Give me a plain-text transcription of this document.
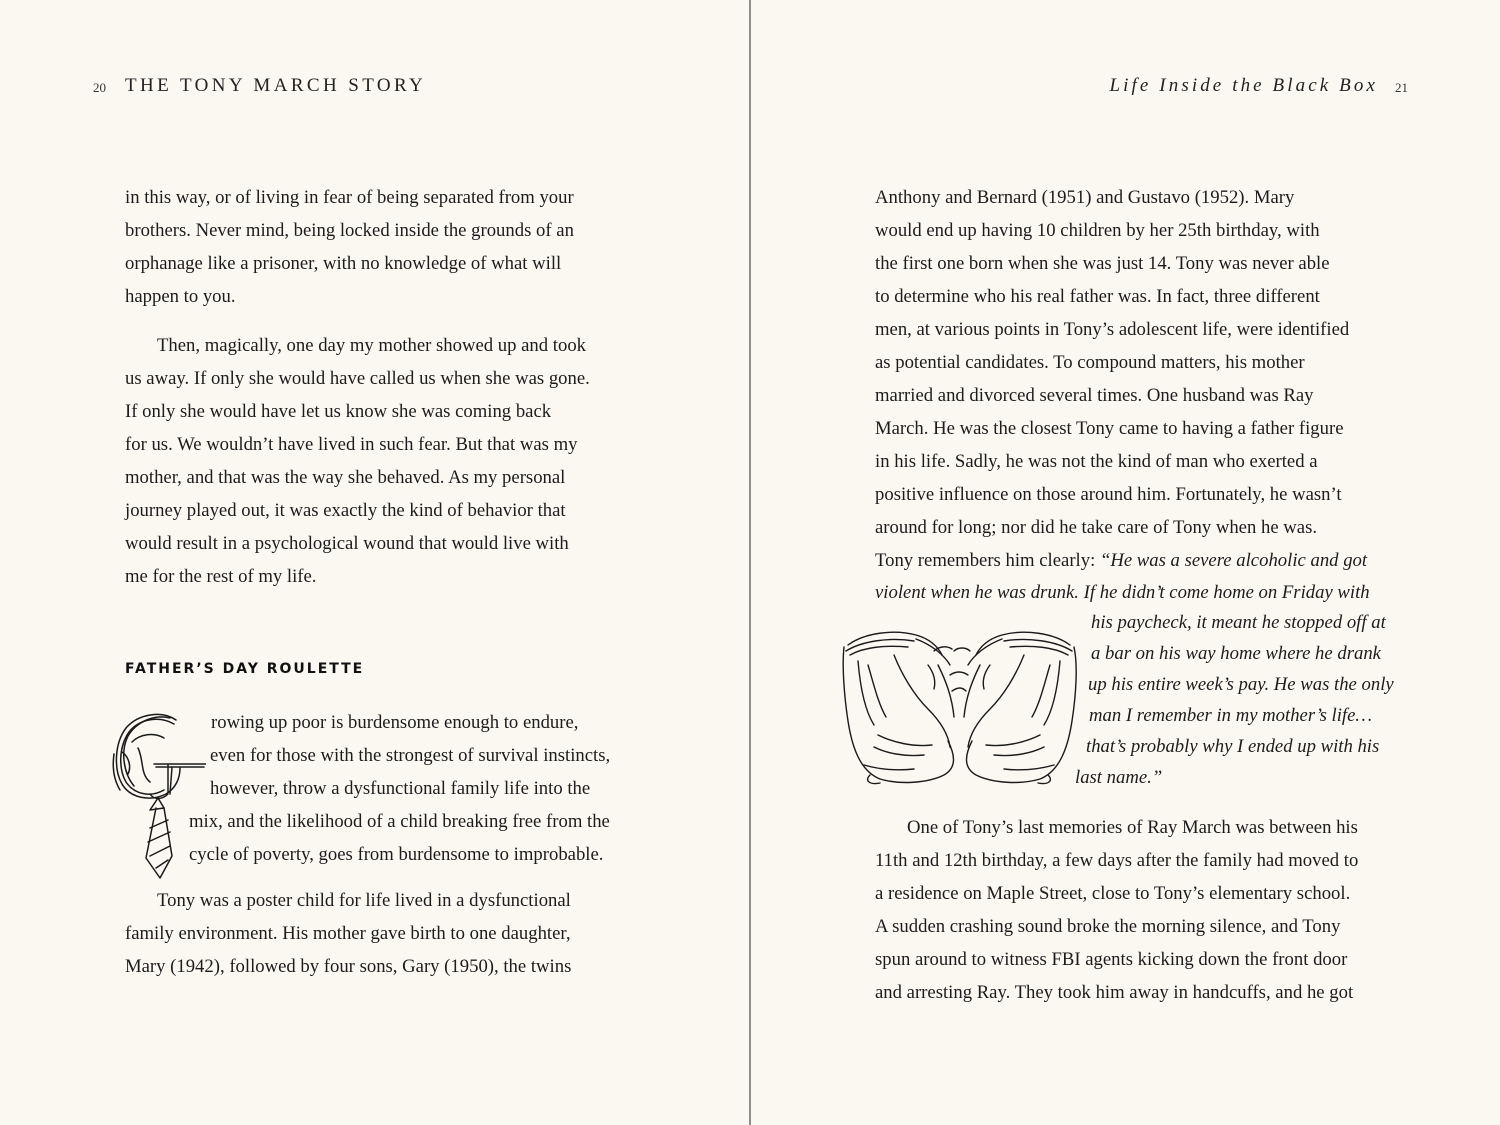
20 THE TONY MARCH STORY

in this way, or of living in fear of being separated from your
brothers. Never mind, being locked inside the grounds of an
orphanage like a prisoner, with no knowledge of what will
happen to you.

Then, magically, one day my mother showed up and took
us away. If only she would have called us when she was gone.
If only she would have let us know she was coming back
for us. We wouldn’t have lived in such fear. But that was my
mother, and that was the way she behaved. As my personal
journey played out, it was exactly the kind of behavior that
would result in a psychological wound that would live with
me for the rest of my life.

FATHER’S DAY ROULETTE
rowing up poor is burdensome enough to endure,
even for those with the strongest of survival instincts,
however, throw a dysfunctional family life into the
mix, and the likelihood of a child breaking free from the
cycle of poverty, goes from burdensome to improbable.
Tony was a poster child for life lived in a dysfunctional
family environment. His mother gave birth to one daughter,
Mary (1942), followed by four sons, Gary (1950), the twins
Life Inside the Black Box 21

Anthony and Bernard (1951) and Gustavo (1952). Mary
would end up having 10 children by her 25th birthday, with
the first one born when she was just 14. Tony was never able
to determine who his real father was. In fact, three different
men, at various points in Tony’s adolescent life, were identified
as potential candidates. To compound matters, his mother
married and divorced several times. One husband was Ray
March. He was the closest Tony came to having a father figure
in his life. Sadly, he was not the kind of man who exerted a
positive influence on those around him. Fortunately, he wasn’t
around for long; nor did he take care of Tony when he was.
Tony remembers him clearly: “He was a severe alcoholic and got
violent when he was drunk. If he didn’t come home on Friday with

his paycheck, it meant he stopped off at
a bar on his way home where he drank
up his entire week’s pay. He was the only
man I remember in my mother’s life…
that’s probably why I ended up with his
last name.”
One of Tony’s last memories of Ray March was between his
11th and 12th birthday, a few days after the family had moved to
a residence on Maple Street, close to Tony’s elementary school.
A sudden crashing sound broke the morning silence, and Tony
spun around to witness FBI agents kicking down the front door
and arresting Ray. They took him away in handcuffs, and he got
